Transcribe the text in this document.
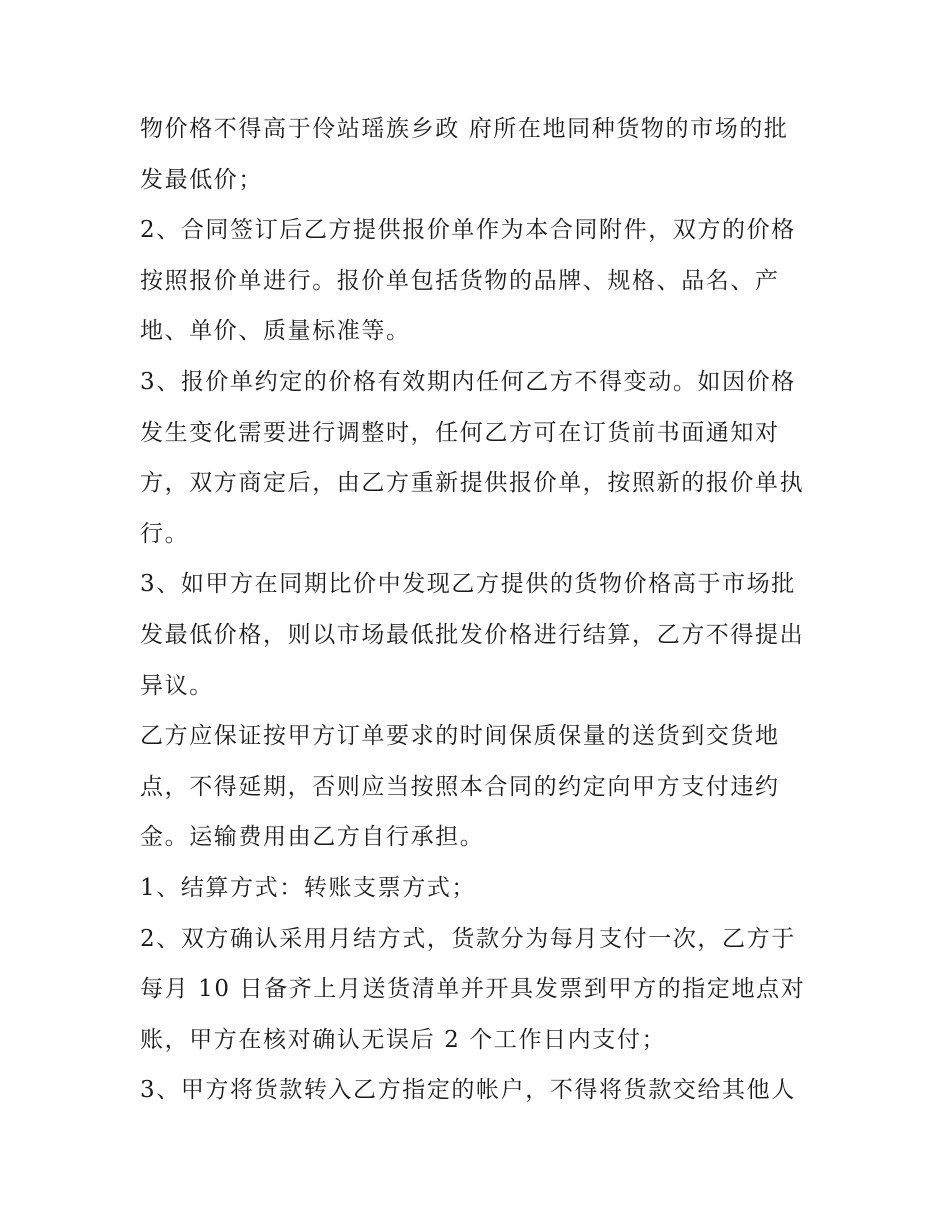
物价格不得高于伶站瑶族乡政 府所在地同种货物的市场的批
发最低价；
2、合同签订后乙方提供报价单作为本合同附件，双方的价格
按照报价单进行。报价单包括货物的品牌、规格、品名、产
地、单价、质量标准等。
3、报价单约定的价格有效期内任何乙方不得变动。如因价格
发生变化需要进行调整时，任何乙方可在订货前书面通知对
方，双方商定后，由乙方重新提供报价单，按照新的报价单执
行。
3、如甲方在同期比价中发现乙方提供的货物价格高于市场批
发最低价格，则以市场最低批发价格进行结算，乙方不得提出
异议。
乙方应保证按甲方订单要求的时间保质保量的送货到交货地
点，不得延期，否则应当按照本合同的约定向甲方支付违约
金。运输费用由乙方自行承担。
1、结算方式：转账支票方式；
2、双方确认采用月结方式，货款分为每月支付一次，乙方于
每月 10 日备齐上月送货清单并开具发票到甲方的指定地点对
账，甲方在核对确认无误后 2 个工作日内支付；
3、甲方将货款转入乙方指定的帐户，不得将货款交给其他人
